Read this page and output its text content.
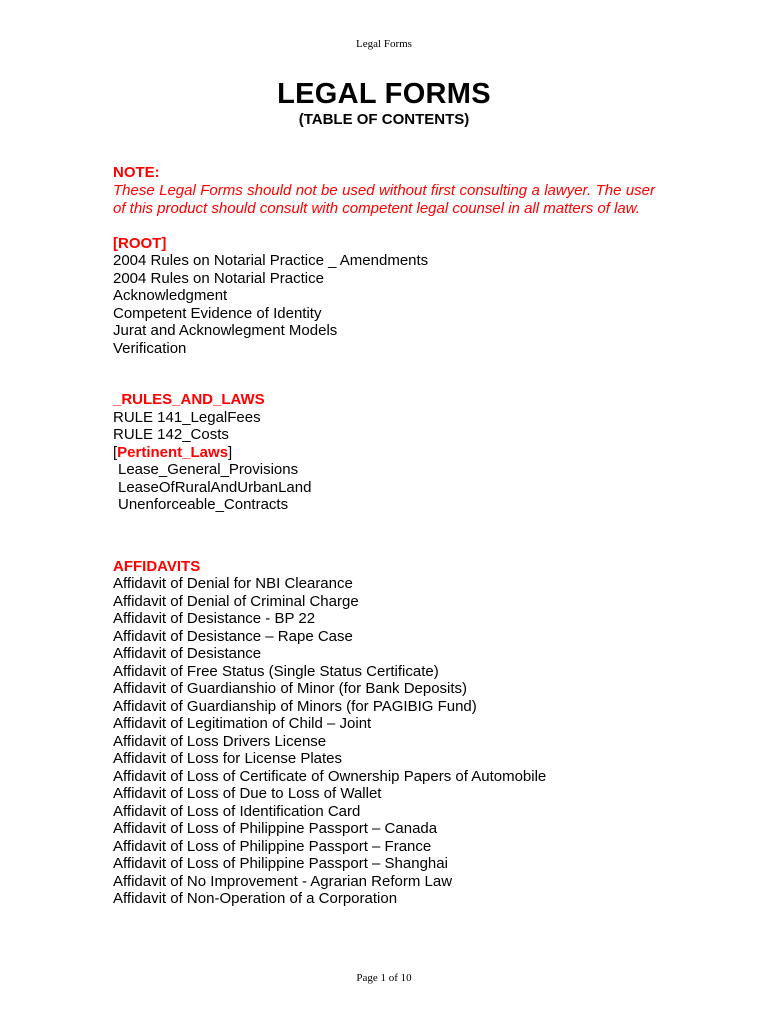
Legal Forms
LEGAL FORMS
(TABLE OF CONTENTS)
NOTE:
These Legal Forms should not be used without first consulting a lawyer. The user of this product should consult with competent legal counsel in all matters of law.
[ROOT]
2004 Rules on Notarial Practice _ Amendments
2004 Rules on Notarial Practice
Acknowledgment
Competent Evidence of Identity
Jurat and Acknowlegment Models
Verification
_RULES_AND_LAWS
RULE 141_LegalFees
RULE 142_Costs
[Pertinent_Laws]
Lease_General_Provisions
LeaseOfRuralAndUrbanLand
Unenforceable_Contracts
AFFIDAVITS
Affidavit of Denial for NBI Clearance
Affidavit of Denial of Criminal Charge
Affidavit of Desistance - BP 22
Affidavit of Desistance – Rape Case
Affidavit of Desistance
Affidavit of Free Status (Single Status Certificate)
Affidavit of Guardianshio of Minor (for Bank Deposits)
Affidavit of Guardianship of Minors (for PAGIBIG Fund)
Affidavit of Legitimation of Child – Joint
Affidavit of Loss Drivers License
Affidavit of Loss for License Plates
Affidavit of Loss of Certificate of Ownership Papers of Automobile
Affidavit of Loss of Due to Loss of Wallet
Affidavit of Loss of Identification Card
Affidavit of Loss of Philippine Passport – Canada
Affidavit of Loss of Philippine Passport – France
Affidavit of Loss of Philippine Passport – Shanghai
Affidavit of No Improvement - Agrarian Reform Law
Affidavit of Non-Operation of a Corporation
Page 1 of 10
